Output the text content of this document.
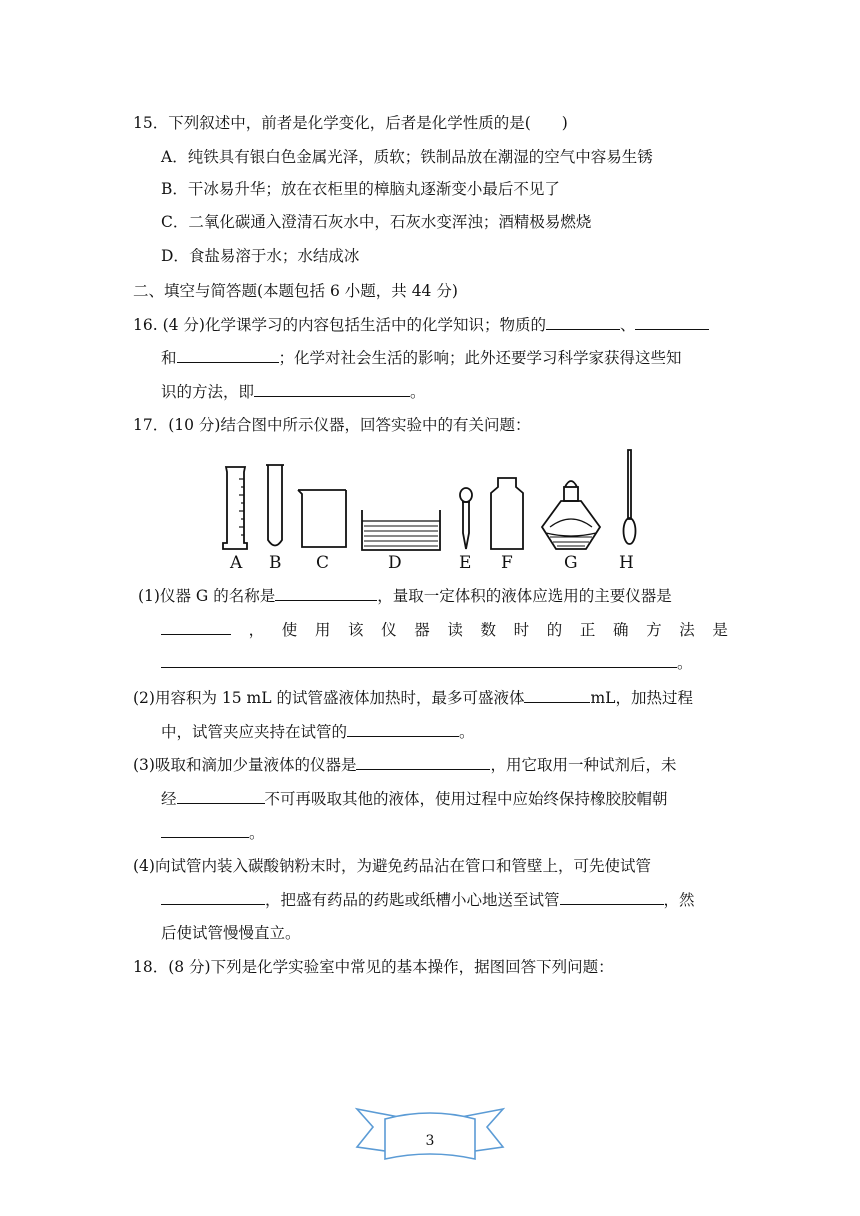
15．下列叙述中，前者是化学变化，后者是化学性质的是(　　)
A．纯铁具有银白色金属光泽，质软；铁制品放在潮湿的空气中容易生锈
B．干冰易升华；放在衣柜里的樟脑丸逐渐变小最后不见了
C．二氧化碳通入澄清石灰水中，石灰水变浑浊；酒精极易燃烧
D．食盐易溶于水；水结成冰
二、填空与简答题(本题包括 6 小题，共 44 分)
16. (4 分)化学课学习的内容包括生活中的化学知识；物质的	、
和	；化学对社会生活的影响；此外还要学习科学家获得这些知
识的方法，即	。
17．(10 分)结合图中所示仪器，回答实验中的有关问题：
A B C	D	E F	G H
(1)仪器 G 的名称是	，量取一定体积的液体应选用的主要仪器是
， 使 用 该 仪 器 读 数 时 的 正 确 方 法 是
。
(2)用容积为 15 mL 的试管盛液体加热时，最多可盛液体	mL，加热过程
中，试管夹应夹持在试管的	。
(3)吸取和滴加少量液体的仪器是	，用它取用一种试剂后，未
经	不可再吸取其他的液体，使用过程中应始终保持橡胶胶帽朝
。
(4)向试管内装入碳酸钠粉末时，为避免药品沾在管口和管壁上，可先使试管
，把盛有药品的药匙或纸槽小心地送至试管	，然
后使试管慢慢直立。
18．(8 分)下列是化学实验室中常见的基本操作，据图回答下列问题：
3
